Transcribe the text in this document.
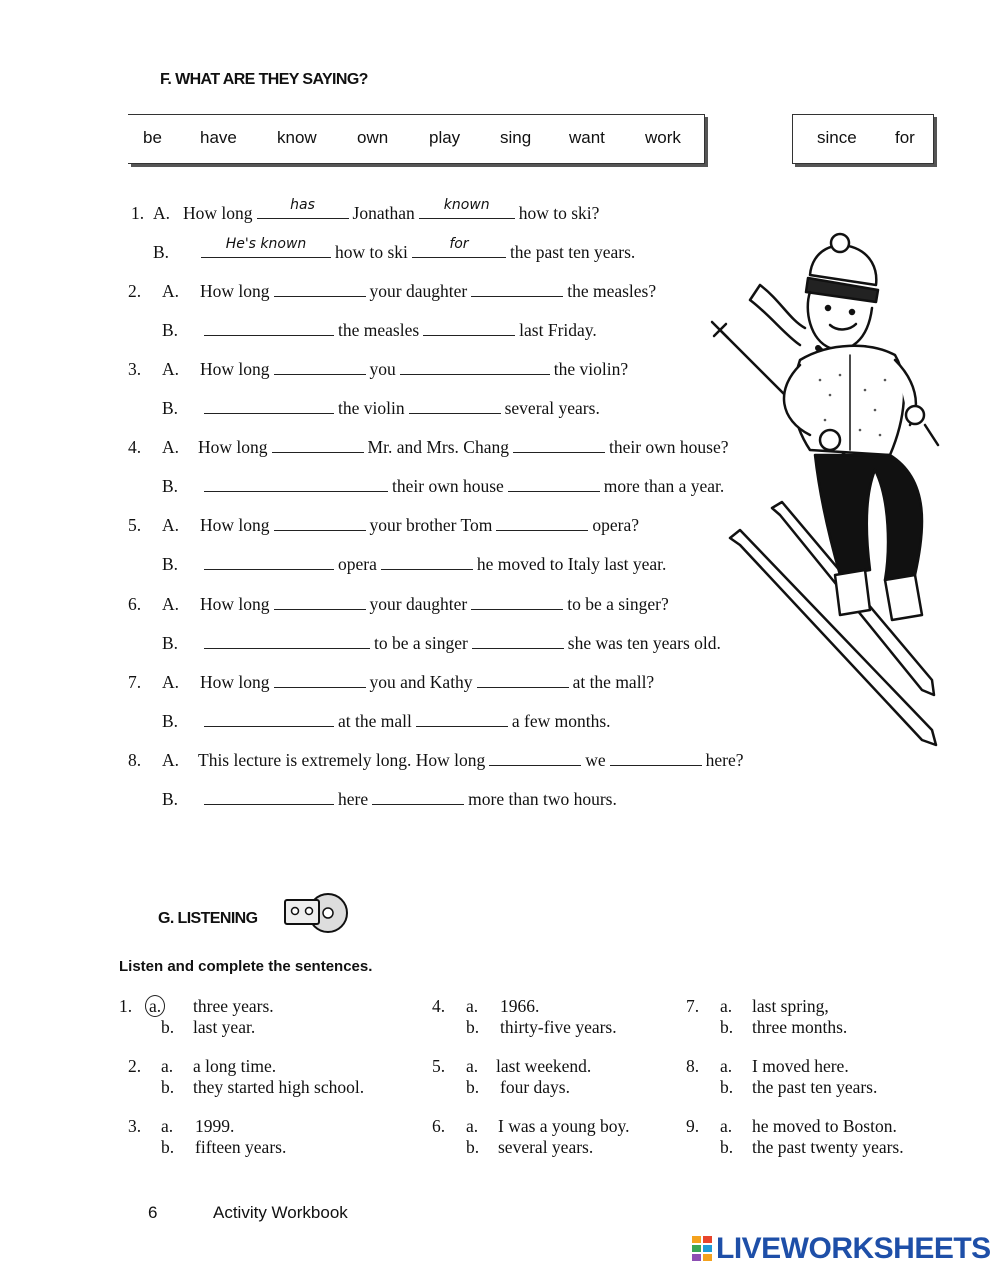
F. WHAT ARE THEY SAYING?
be have know own play sing want work	since for
1. A. How long	has	Jonathan	known	how to ski?
B.	He's known	how to ski	for	the past ten years.
2. A. How long	your daughter	the measles?
B.	the measles	last Friday.
3. A. How long	you	the violin?
B.	the violin	several years.
4. A. How long	Mr. and Mrs. Chang	their own house?
B.	their own house	more than a year.
5. A. How long	your brother Tom	opera?
B.	opera	he moved to Italy last year.
6. A. How long	your daughter	to be a singer?
B.	to be a singer	she was ten years old.
7. A. How long	you and Kathy	at the mall?
B.	at the mall	a few months.
8. A. This lecture is extremely long. How long	we	here?
B.	here	more than two hours.
G. LISTENING
Listen and complete the sentences.
1. a. three years.
b. last year.
2. a. a long time.
b. they started high school.
3. a. 1999.
b. fifteen years.
4. a. 1966.
b. thirty-five years.
5. a. last weekend.
b. four days.
6. a. I was a young boy.
b. several years.
7. a. last spring,
b. three months.
8. a. I moved here.
b. the past ten years.
9. a. he moved to Boston.
b. the past twenty years.
6	Activity Workbook
LIVEWORKSHEETS
